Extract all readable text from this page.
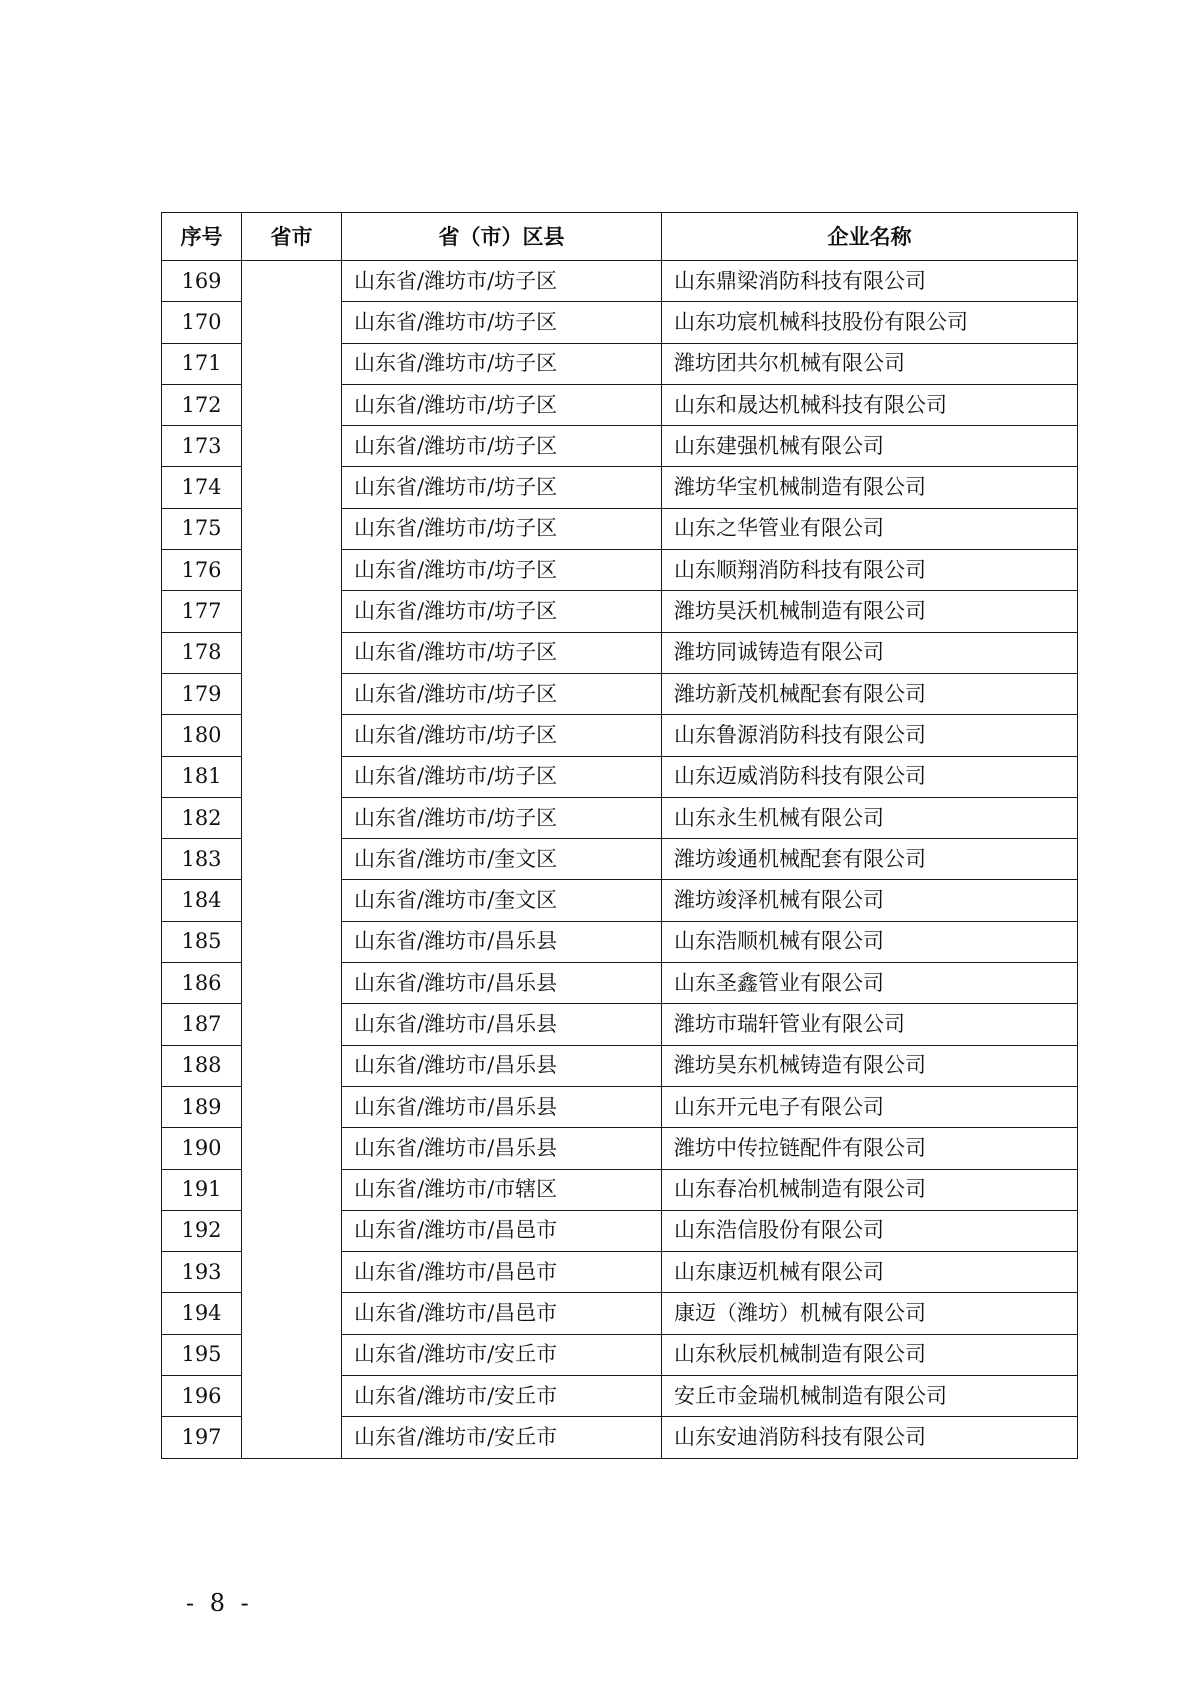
序号	省市	省（市）区县	企业名称
169		山东省/潍坊市/坊子区	山东鼎梁消防科技有限公司
170		山东省/潍坊市/坊子区	山东功宸机械科技股份有限公司
171		山东省/潍坊市/坊子区	潍坊团共尔机械有限公司
172		山东省/潍坊市/坊子区	山东和晟达机械科技有限公司
173		山东省/潍坊市/坊子区	山东建强机械有限公司
174		山东省/潍坊市/坊子区	潍坊华宝机械制造有限公司
175		山东省/潍坊市/坊子区	山东之华管业有限公司
176		山东省/潍坊市/坊子区	山东顺翔消防科技有限公司
177		山东省/潍坊市/坊子区	潍坊昊沃机械制造有限公司
178		山东省/潍坊市/坊子区	潍坊同诚铸造有限公司
179		山东省/潍坊市/坊子区	潍坊新茂机械配套有限公司
180		山东省/潍坊市/坊子区	山东鲁源消防科技有限公司
181		山东省/潍坊市/坊子区	山东迈威消防科技有限公司
182		山东省/潍坊市/坊子区	山东永生机械有限公司
183		山东省/潍坊市/奎文区	潍坊竣通机械配套有限公司
184		山东省/潍坊市/奎文区	潍坊竣泽机械有限公司
185		山东省/潍坊市/昌乐县	山东浩顺机械有限公司
186		山东省/潍坊市/昌乐县	山东圣鑫管业有限公司
187		山东省/潍坊市/昌乐县	潍坊市瑞轩管业有限公司
188		山东省/潍坊市/昌乐县	潍坊昊东机械铸造有限公司
189		山东省/潍坊市/昌乐县	山东开元电子有限公司
190		山东省/潍坊市/昌乐县	潍坊中传拉链配件有限公司
191		山东省/潍坊市/市辖区	山东春冶机械制造有限公司
192		山东省/潍坊市/昌邑市	山东浩信股份有限公司
193		山东省/潍坊市/昌邑市	山东康迈机械有限公司
194		山东省/潍坊市/昌邑市	康迈（潍坊）机械有限公司
195		山东省/潍坊市/安丘市	山东秋辰机械制造有限公司
196		山东省/潍坊市/安丘市	安丘市金瑞机械制造有限公司
197		山东省/潍坊市/安丘市	山东安迪消防科技有限公司
- 8 -
